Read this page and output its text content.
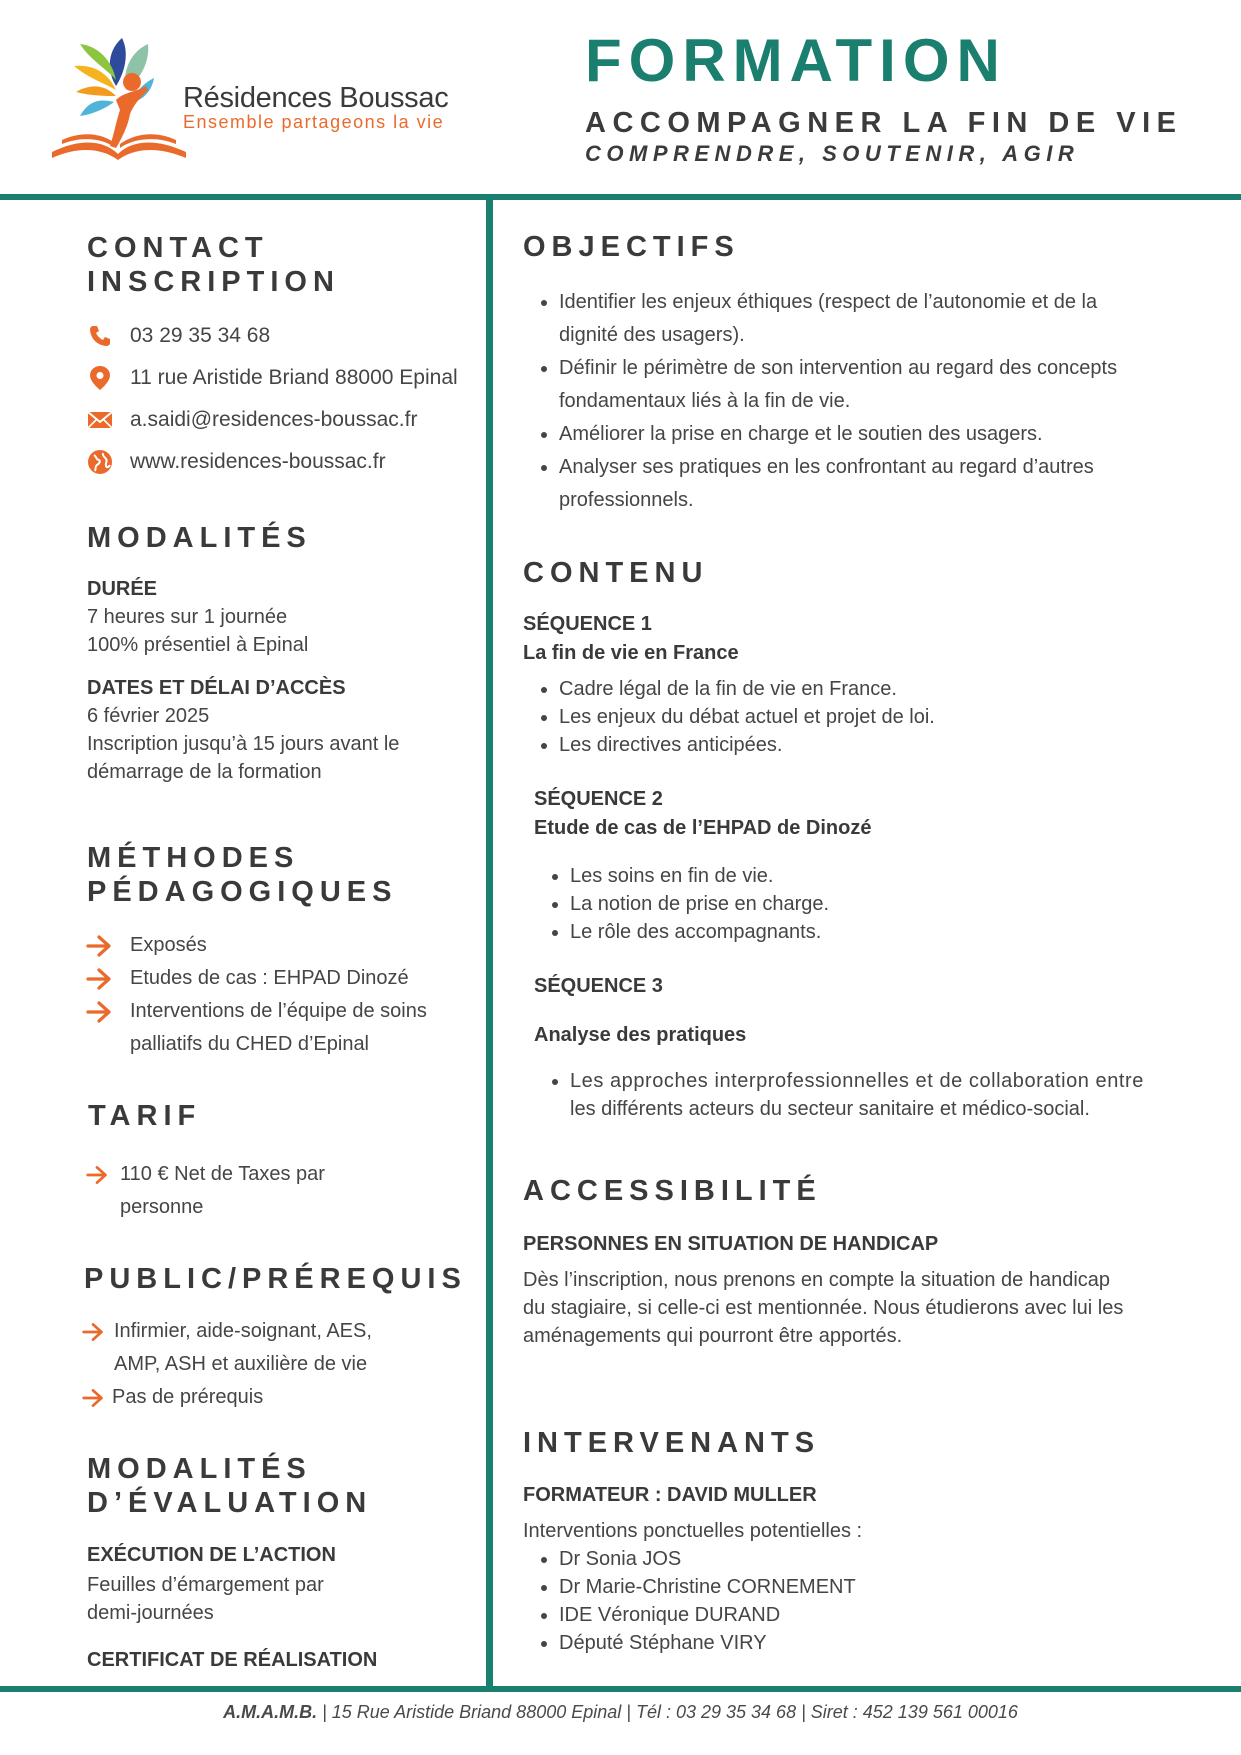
Résidences Boussac
Ensemble partageons la vie
FORMATION
ACCOMPAGNER LA FIN DE VIE
COMPRENDRE, SOUTENIR, AGIR
CONTACT
INSCRIPTION
03 29 35 34 68
11 rue Aristide Briand 88000 Epinal
a.saidi@residences-boussac.fr
www.residences-boussac.fr
MODALITÉS
DURÉE
7 heures sur 1 journée
100% présentiel à Epinal
DATES ET DÉLAI D’ACCÈS
6 février 2025
Inscription jusqu’à 15 jours avant le
démarrage de la formation
MÉTHODES
PÉDAGOGIQUES
Exposés
Etudes de cas : EHPAD Dinozé
Interventions de l’équipe de soins
palliatifs du CHED d’Epinal
TARIF
110 € Net de Taxes par
personne
PUBLIC/PRÉREQUIS
Infirmier, aide-soignant, AES,
AMP, ASH et auxilière de vie
Pas de prérequis
MODALITÉS
D’ÉVALUATION
EXÉCUTION DE L’ACTION
Feuilles d’émargement par
demi-journées
CERTIFICAT DE RÉALISATION
OBJECTIFS
• Identifier les enjeux éthiques (respect de l’autonomie et de la
dignité des usagers).
• Définir le périmètre de son intervention au regard des concepts
fondamentaux liés à la fin de vie.
• Améliorer la prise en charge et le soutien des usagers.
• Analyser ses pratiques en les confrontant au regard d’autres
professionnels.
CONTENU
SÉQUENCE 1
La fin de vie en France
• Cadre légal de la fin de vie en France.
• Les enjeux du débat actuel et projet de loi.
• Les directives anticipées.
SÉQUENCE 2
Etude de cas de l’EHPAD de Dinozé
• Les soins en fin de vie.
• La notion de prise en charge.
• Le rôle des accompagnants.
SÉQUENCE 3
Analyse des pratiques
• Les approches interprofessionnelles et de collaboration entre
les différents acteurs du secteur sanitaire et médico-social.
ACCESSIBILITÉ
PERSONNES EN SITUATION DE HANDICAP
Dès l’inscription, nous prenons en compte la situation de handicap
du stagiaire, si celle-ci est mentionnée. Nous étudierons avec lui les
aménagements qui pourront être apportés.
INTERVENANTS
FORMATEUR : DAVID MULLER
Interventions ponctuelles potentielles :
• Dr Sonia JOS
• Dr Marie-Christine CORNEMENT
• IDE Véronique DURAND
• Député Stéphane VIRY
A.M.A.M.B. | 15 Rue Aristide Briand 88000 Epinal | Tél : 03 29 35 34 68 | Siret : 452 139 561 00016
